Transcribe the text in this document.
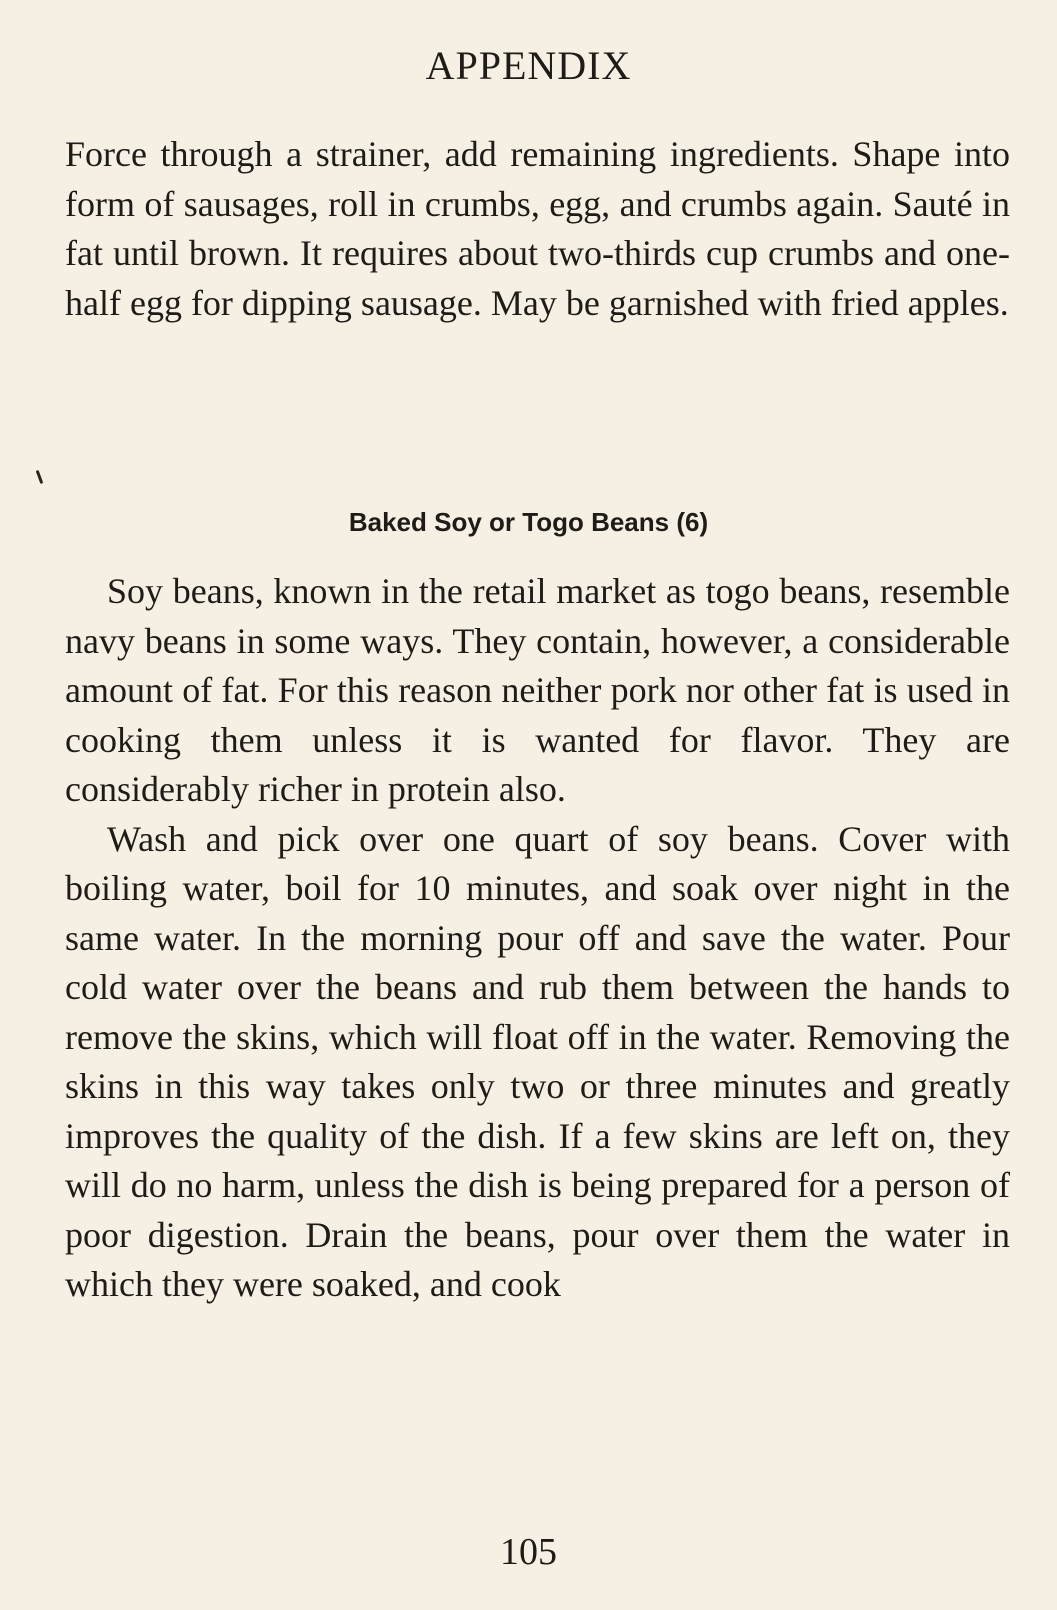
APPENDIX

Force through a strainer, add remaining ingredients. Shape into form of sausages, roll in crumbs, egg, and crumbs again. Sauté in fat until brown. It requires about two-thirds cup crumbs and one-half egg for dipping sausage. May be garnished with fried apples.

Baked Soy or Togo Beans (6)

Soy beans, known in the retail market as togo beans, resemble navy beans in some ways. They contain, however, a considerable amount of fat. For this reason neither pork nor other fat is used in cooking them unless it is wanted for flavor. They are considerably richer in protein also.

Wash and pick over one quart of soy beans. Cover with boiling water, boil for 10 minutes, and soak over night in the same water. In the morning pour off and save the water. Pour cold water over the beans and rub them between the hands to remove the skins, which will float off in the water. Removing the skins in this way takes only two or three minutes and greatly improves the quality of the dish. If a few skins are left on, they will do no harm, unless the dish is being prepared for a person of poor digestion. Drain the beans, pour over them the water in which they were soaked, and cook

105
